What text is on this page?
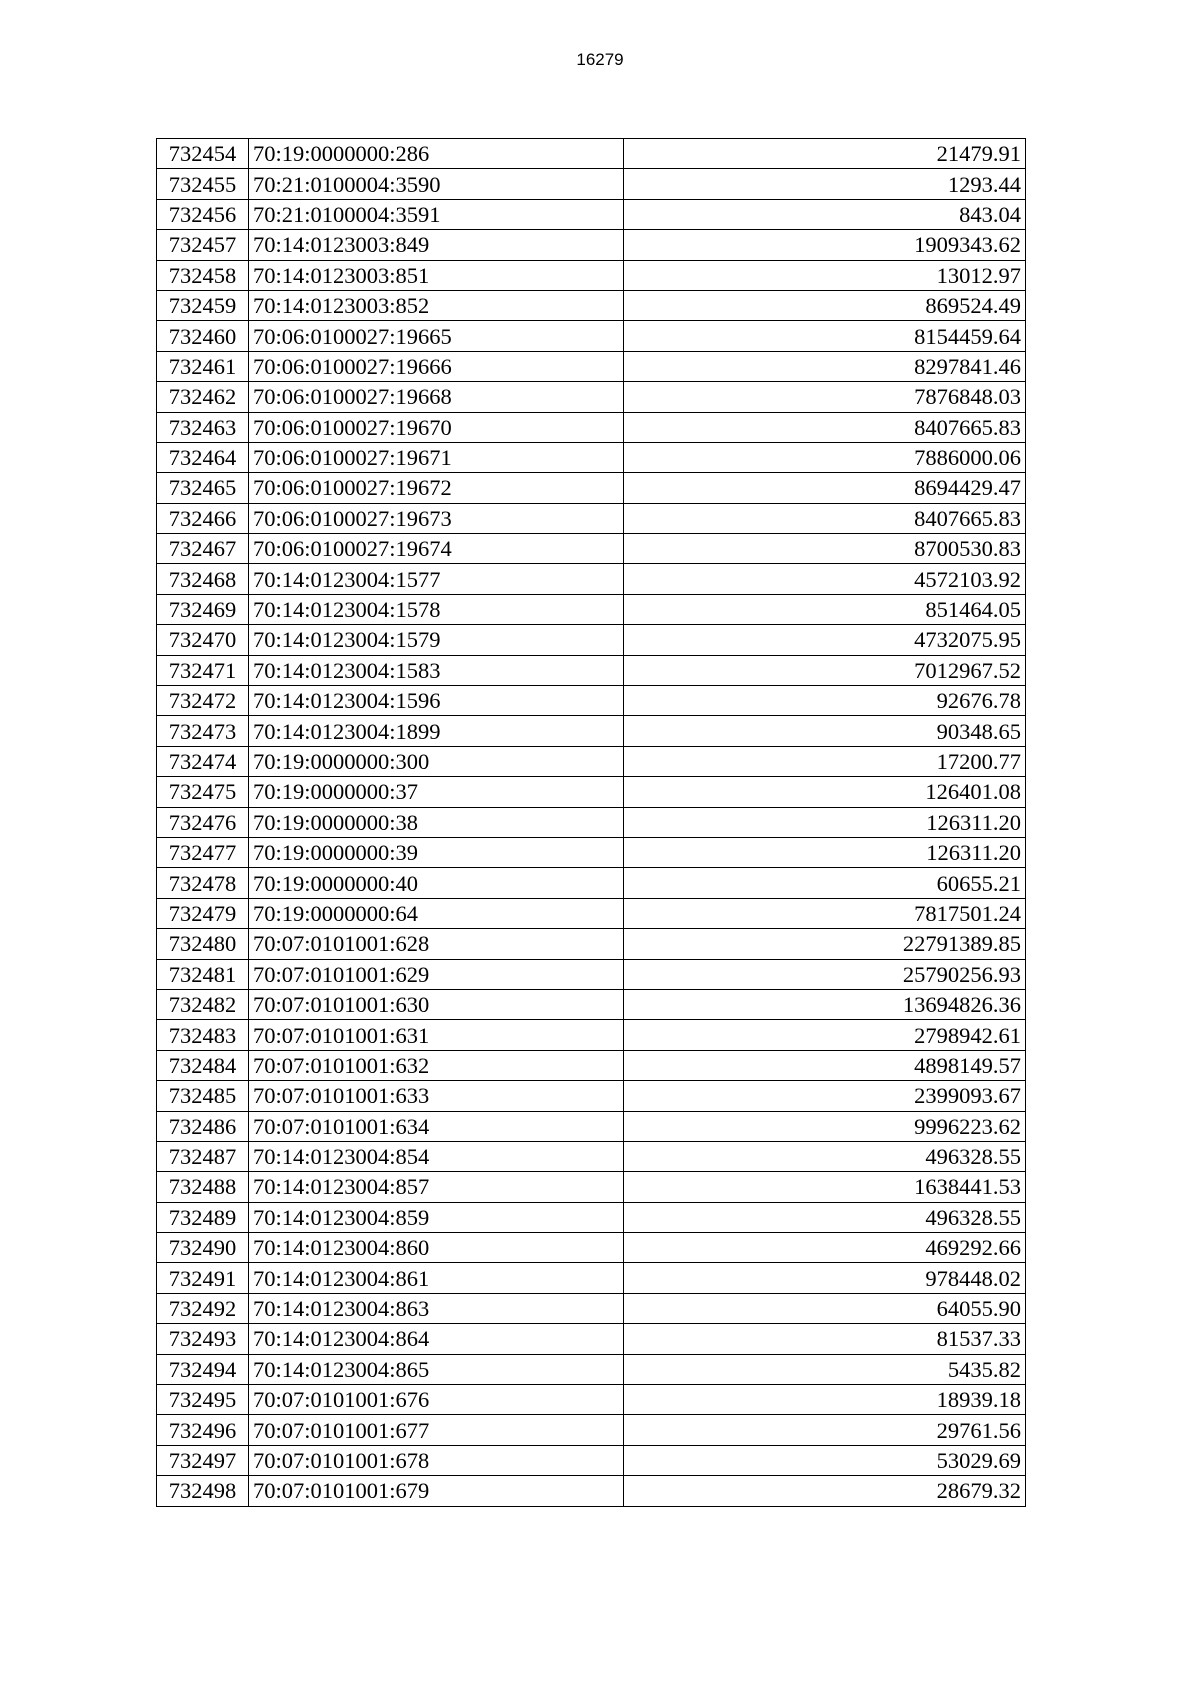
16279
732454	70:19:0000000:286	21479.91
732455	70:21:0100004:3590	1293.44
732456	70:21:0100004:3591	843.04
732457	70:14:0123003:849	1909343.62
732458	70:14:0123003:851	13012.97
732459	70:14:0123003:852	869524.49
732460	70:06:0100027:19665	8154459.64
732461	70:06:0100027:19666	8297841.46
732462	70:06:0100027:19668	7876848.03
732463	70:06:0100027:19670	8407665.83
732464	70:06:0100027:19671	7886000.06
732465	70:06:0100027:19672	8694429.47
732466	70:06:0100027:19673	8407665.83
732467	70:06:0100027:19674	8700530.83
732468	70:14:0123004:1577	4572103.92
732469	70:14:0123004:1578	851464.05
732470	70:14:0123004:1579	4732075.95
732471	70:14:0123004:1583	7012967.52
732472	70:14:0123004:1596	92676.78
732473	70:14:0123004:1899	90348.65
732474	70:19:0000000:300	17200.77
732475	70:19:0000000:37	126401.08
732476	70:19:0000000:38	126311.20
732477	70:19:0000000:39	126311.20
732478	70:19:0000000:40	60655.21
732479	70:19:0000000:64	7817501.24
732480	70:07:0101001:628	22791389.85
732481	70:07:0101001:629	25790256.93
732482	70:07:0101001:630	13694826.36
732483	70:07:0101001:631	2798942.61
732484	70:07:0101001:632	4898149.57
732485	70:07:0101001:633	2399093.67
732486	70:07:0101001:634	9996223.62
732487	70:14:0123004:854	496328.55
732488	70:14:0123004:857	1638441.53
732489	70:14:0123004:859	496328.55
732490	70:14:0123004:860	469292.66
732491	70:14:0123004:861	978448.02
732492	70:14:0123004:863	64055.90
732493	70:14:0123004:864	81537.33
732494	70:14:0123004:865	5435.82
732495	70:07:0101001:676	18939.18
732496	70:07:0101001:677	29761.56
732497	70:07:0101001:678	53029.69
732498	70:07:0101001:679	28679.32
